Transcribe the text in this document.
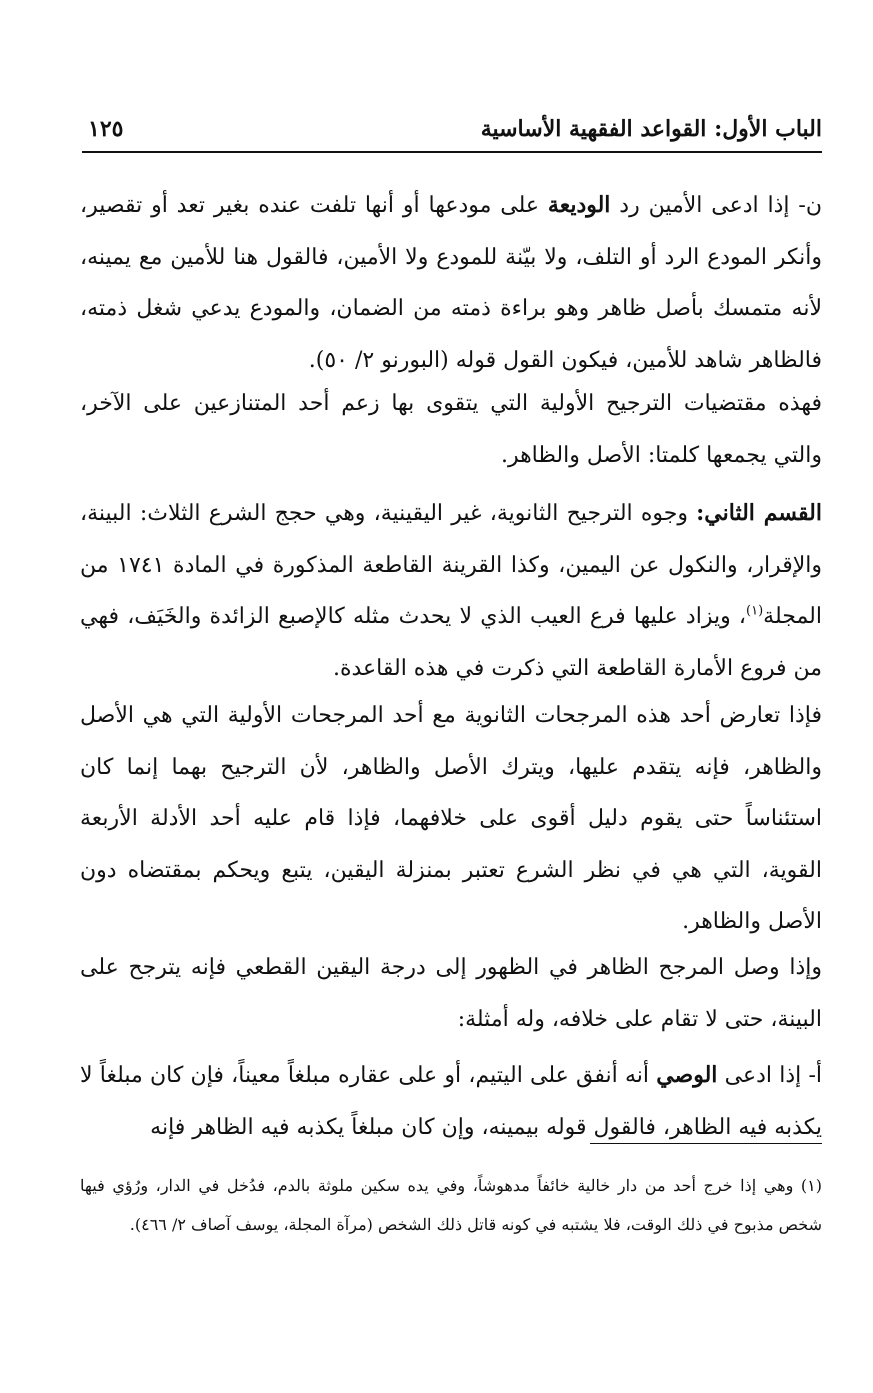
الباب الأول: القواعد الفقهية الأساسية
١٢٥

ن- إذا ادعى الأمين رد الوديعة على مودعها أو أنها تلفت عنده بغير تعد أو تقصير، وأنكر المودع الرد أو التلف، ولا بيّنة للمودع ولا الأمين، فالقول هنا للأمين مع يمينه، لأنه متمسك بأصل ظاهر وهو براءة ذمته من الضمان، والمودع يدعي شغل ذمته، فالظاهر شاهد للأمين، فيكون القول قوله (البورنو ٢/ ٥٠).

فهذه مقتضيات الترجيح الأولية التي يتقوى بها زعم أحد المتنازعين على الآخر، والتي يجمعها كلمتا: الأصل والظاهر.

القسم الثاني: وجوه الترجيح الثانوية، غير اليقينية، وهي حجج الشرع الثلاث: البينة، والإقرار، والنكول عن اليمين، وكذا القرينة القاطعة المذكورة في المادة ١٧٤١ من المجلة$^{(١)}$، ويزاد عليها فرع العيب الذي لا يحدث مثله كالإصبع الزائدة والخَيَف، فهي من فروع الأمارة القاطعة التي ذكرت في هذه القاعدة.

فإذا تعارض أحد هذه المرجحات الثانوية مع أحد المرجحات الأولية التي هي الأصل والظاهر، فإنه يتقدم عليها، ويترك الأصل والظاهر، لأن الترجيح بهما إنما كان استئناساً حتى يقوم دليل أقوى على خلافهما، فإذا قام عليه أحد الأدلة الأربعة القوية، التي هي في نظر الشرع تعتبر بمنزلة اليقين، يتبع ويحكم بمقتضاه دون الأصل والظاهر.

وإذا وصل المرجح الظاهر في الظهور إلى درجة اليقين القطعي فإنه يترجح على البينة، حتى لا تقام على خلافه، وله أمثلة:

أ- إذا ادعى الوصي أنه أنفق على اليتيم، أو على عقاره مبلغاً معيناً، فإن كان مبلغاً لا يكذبه فيه الظاهر، فالقول قوله بيمينه، وإن كان مبلغاً يكذبه فيه الظاهر فإنه

(١) وهي إذا خرج أحد من دار خالية خائفاً مدهوشاً، وفي يده سكين ملوثة بالدم، فدُخل في الدار، ورُؤي فيها شخص مذبوح في ذلك الوقت، فلا يشتبه في كونه قاتل ذلك الشخص (مرآة المجلة، يوسف آصاف ٢/ ٤٦٦).
